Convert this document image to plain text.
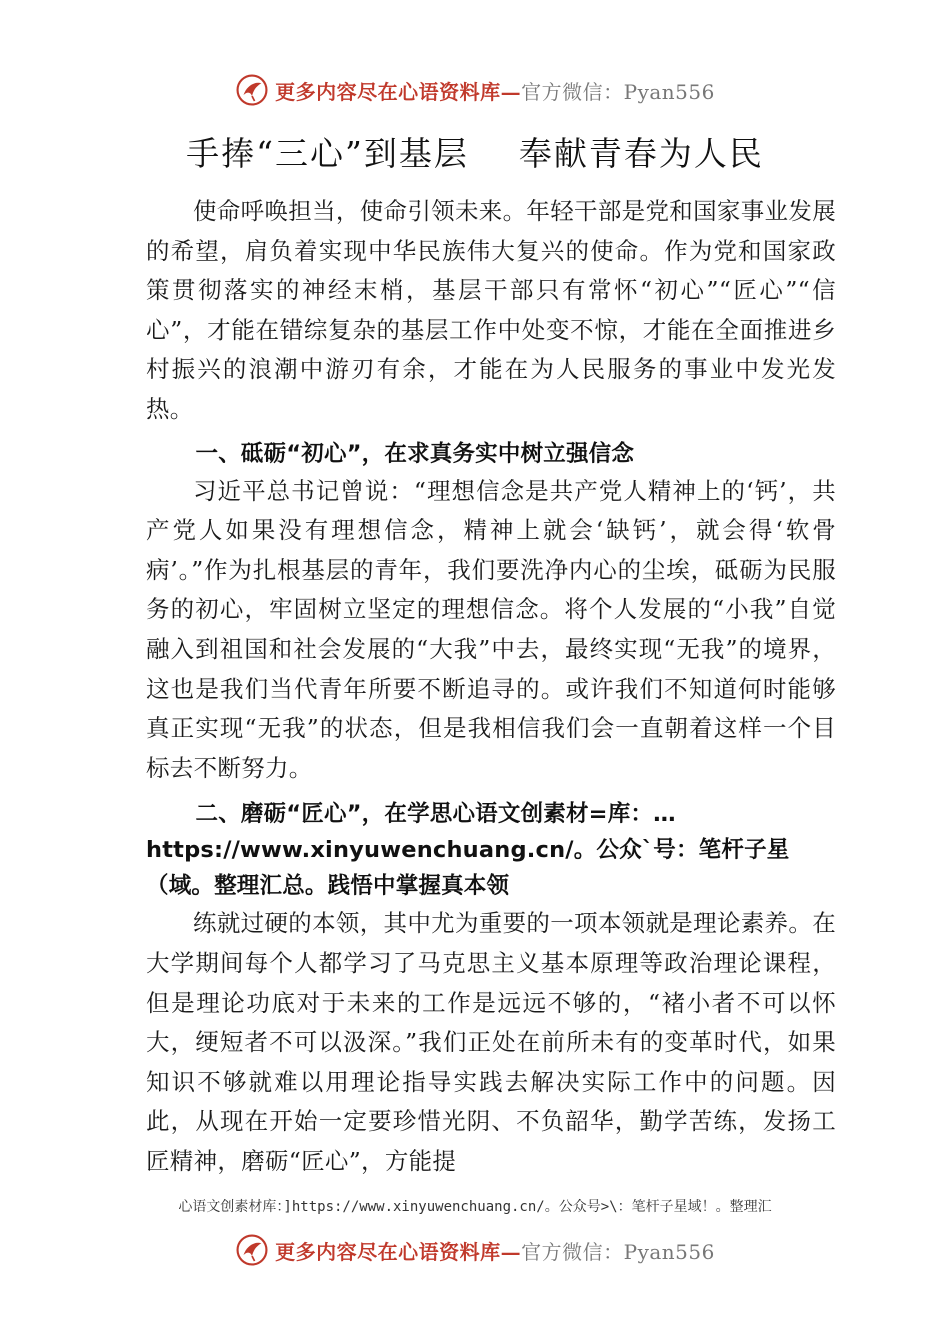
更多内容尽在心语资料库—官方微信：Pyan556
手捧“三心”到基层    奉献青春为人民

使命呼唤担当，使命引领未来。年轻干部是党和国家事业发展的希望，肩负着实现中华民族伟大复兴的使命。作为党和国家政策贯彻落实的神经末梢，基层干部只有常怀“初心”“匠心”“信心”，才能在错综复杂的基层工作中处变不惊，才能在全面推进乡村振兴的浪潮中游刃有余，才能在为人民服务的事业中发光发热。

一、砥砺“初心”，在求真务实中树立强信念

习近平总书记曾说：“理想信念是共产党人精神上的‘钙’，共产党人如果没有理想信念，精神上就会‘缺钙’，就会得‘软骨病’。”作为扎根基层的青年，我们要洗净内心的尘埃，砥砺为民服务的初心，牢固树立坚定的理想信念。将个人发展的“小我”自觉融入到祖国和社会发展的“大我”中去，最终实现“无我”的境界，这也是我们当代青年所要不断追寻的。或许我们不知道何时能够真正实现“无我”的状态，但是我相信我们会一直朝着这样一个目标去不断努力。

二、磨砺“匠心”，在学思心语文创素材=库：… https://www.xinyuwenchuang.cn/。公众`号：笔杆子星（域。整理汇总。践悟中掌握真本领

练就过硬的本领，其中尤为重要的一项本领就是理论素养。在大学期间每个人都学习了马克思主义基本原理等政治理论课程，但是理论功底对于未来的工作是远远不够的，“褚小者不可以怀大，绠短者不可以汲深。”我们正处在前所未有的变革时代，如果知识不够就难以用理论指导实践去解决实际工作中的问题。因此，从现在开始一定要珍惜光阴、不负韶华，勤学苦练，发扬工匠精神，磨砺“匠心”，方能提

心语文创素材库：]https://www.xinyuwenchuang.cn/。公众号>\：笔杆子星域！。整理汇
更多内容尽在心语资料库—官方微信：Pyan556
